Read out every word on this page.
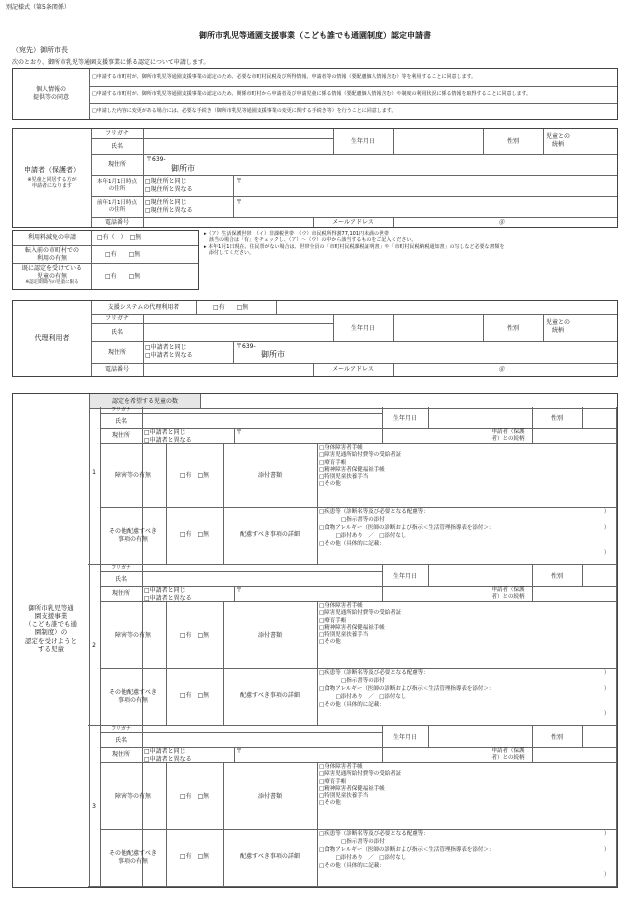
別記様式（第5条関係）
御所市乳児等通園支援事業（こども誰でも通園制度）認定申請書
（宛先）御所市長
次のとおり、御所市乳児等通園支援事業に係る認定について申請します。
個人情報の
提供等の同意
□申請する市町村が、御所市乳児等通園支援事業の認定のため、必要な市町村民税及び所得情報、申請者等の情報（要配慮個人情報含む）等を利用することに同意します。
□申請する市町村が、御所市乳児等通園支援事業の認定のため、関係市町村から申請者及び申請児童に係る情報（要配慮個人情報含む）や制度の利用状況に係る情報を取得することに同意します。
□申請した内容に変更がある場合には、必要な手続き（御所市乳児等通園支援事業の変更に関する手続き等）を行うことに同意します。
申請者（保護者）
※児童と同居する方が
申請者になります
フリガナ
氏名
生年月日	性別
児童との
続柄
現住所
〒639-
御所市
本年1月1日時点
の住所
□現住所と同じ
□現住所と異なる
〒
前年1月1日時点
の住所
□現住所と同じ
□現住所と異なる
〒
電話番号	メールアドレス	＠
利用料減免の申請	□有（　）　□無
転入前の市町村での
利用の有無	□有　　□無
既に認定を受けている
児童の有無
※認定期間内の児童に限る
□有　　□無
▸（ア）生活保護世帯　（イ）非課税世帯　（ウ）市民税所得割77,101円未満の世帯
　該当の場合は「有」をチェックし、（ア）～（ウ）の中から該当するものをご記入ください。
▸ 本年1月1日現在、住民票がない場合は、世帯全員の「市町村民税課税証明書」や「市町村民税納税通知書」の写しなど必要な書類を
　添付してください。
代理利用者
支援システムの代理利用者	□有　　□無
フリガナ
氏名
生年月日	性別
児童との
続柄
現住所
□申請者と同じ
□申請者と異なる
〒639-
御所市
電話番号	メールアドレス	＠
御所市乳児等通
園支援事業
（こども誰でも通
園制度）の
認定を受けようと
する児童
認定を希望する児童の数
1
フリガナ
氏名	生年月日	性別
現住所	□申請者と同じ
□申請者と異なる
〒	申請者（保護
者）との続柄
障害等の有無	□有　□無	添付書類
□身体障害者手帳
□障害児通所給付費等の受給者証
□療育手帳
□精神障害者保健福祉手帳
□特別児童扶養手当
□その他
その他配慮すべき
事項の有無
□有　□無	配慮すべき事項の詳細
□疾患等（診断名等及び必要となる配慮等：
　　　　□指示書等の添付
□食物アレルギー（医師の診断および指示＜生活管理指導表を添付＞：
　　　□添付あり　／　□添付なし
□その他（具体的に記載：
）
）
）
2
フリガナ
氏名	生年月日	性別
現住所	□申請者と同じ
□申請者と異なる
〒	申請者（保護
者）との続柄
障害等の有無	□有　□無	添付書類
□身体障害者手帳
□障害児通所給付費等の受給者証
□療育手帳
□精神障害者保健福祉手帳
□特別児童扶養手当
□その他
その他配慮すべき
事項の有無
□有　□無	配慮すべき事項の詳細
□疾患等（診断名等及び必要となる配慮等：
　　　　□指示書等の添付
□食物アレルギー（医師の診断および指示＜生活管理指導表を添付＞：
　　　□添付あり　／　□添付なし
□その他（具体的に記載：
）
）
）
3
フリガナ
氏名	生年月日	性別
現住所	□申請者と同じ
□申請者と異なる
〒	申請者（保護
者）との続柄
障害等の有無	□有　□無	添付書類
□身体障害者手帳
□障害児通所給付費等の受給者証
□療育手帳
□精神障害者保健福祉手帳
□特別児童扶養手当
□その他
その他配慮すべき
事項の有無
□有　□無	配慮すべき事項の詳細
□疾患等（診断名等及び必要となる配慮等：
　　　　□指示書等の添付
□食物アレルギー（医師の診断および指示＜生活管理指導表を添付＞：
　　　□添付あり　／　□添付なし
□その他（具体的に記載：
）
）
）
